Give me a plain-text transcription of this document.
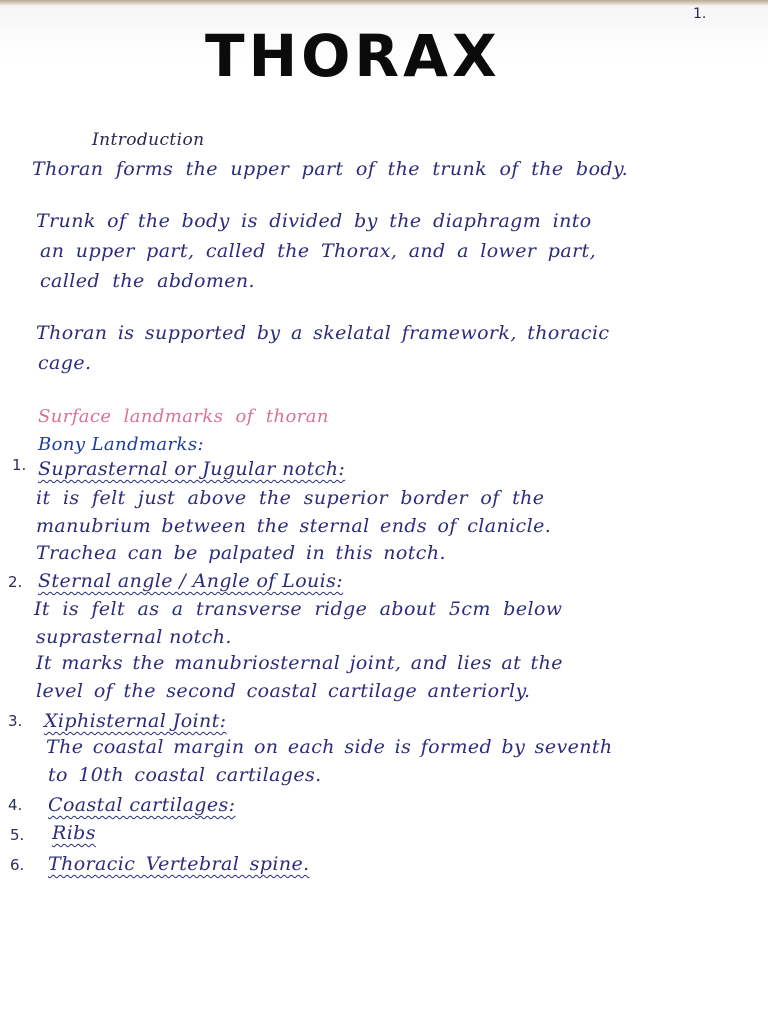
1.
THORAX
Introduction
Thoran forms the upper part of the trunk of the body.
Trunk of the body is divided by the diaphragm into
an upper part, called the Thorax, and a lower part,
called the abdomen.
Thoran is supported by a skelatal framework, thoracic
cage.
Surface landmarks of thoran
Bony Landmarks:
1. Suprasternal or Jugular notch:
it is felt just above the superior border of the
manubrium between the sternal ends of clanicle.
Trachea can be palpated in this notch.
2. Sternal angle / Angle of Louis:
It is felt as a transverse ridge about 5cm below
suprasternal notch.
It marks the manubriosternal joint, and lies at the
level of the second coastal cartilage anteriorly.
3. Xiphisternal Joint:
The coastal margin on each side is formed by seventh
to 10th coastal cartilages.
4. Coastal cartilages:
5. Ribs
6. Thoracic Vertebral spine.
